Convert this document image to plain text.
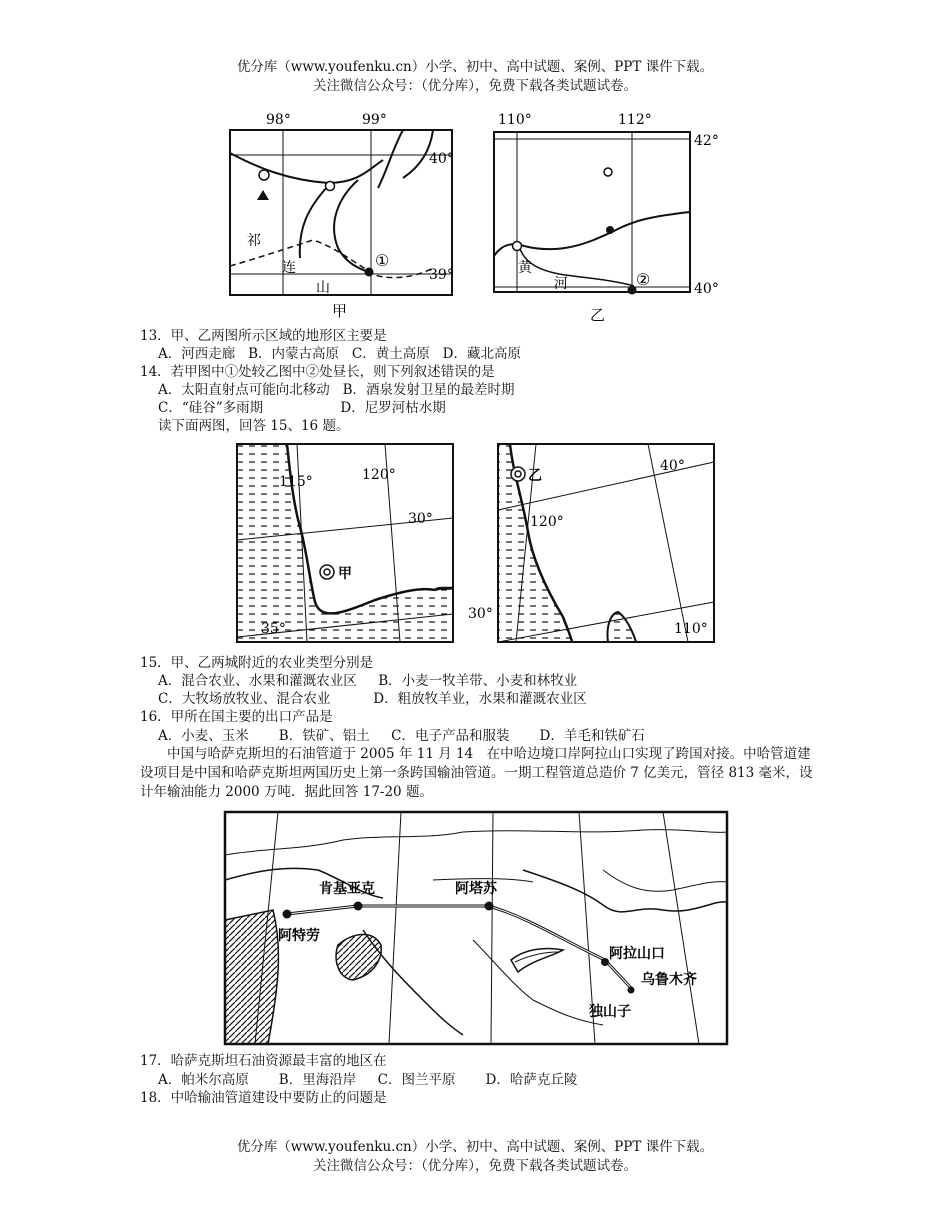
优分库（www.youfenku.cn）小学、初中、高中试题、案例、PPT 课件下载。
关注微信公众号：（优分库），免费下载各类试题试卷。
98°	99°
40°
39°
①
祁
连
山
甲
110°	112°
42°
40°
②
黄
河
乙
13．甲、乙两图所示区域的地形区主要是
A．河西走廊   B．内蒙古高原   C．黄土高原   D．藏北高原
14．若甲图中①处较乙图中②处昼长，则下列叙述错误的是
A．太阳直射点可能向北移动   B．酒泉发射卫星的最差时期
C．“硅谷”多雨期                  D．尼罗河枯水期
读下面两图，回答 15、16 题。
115°	120°
30°
35°
甲
乙
40°
120°
30°
110°
15．甲、乙两城附近的农业类型分别是
A．混合农业、水果和灌溉农业区     B．小麦一牧羊带、小麦和林牧业
C．大牧场放牧业、混合农业          D．粗放牧羊业，水果和灌溉农业区
16．甲所在国主要的出口产品是
A．小麦、玉米       B．铁矿、铝土     C．电子产品和服装       D．羊毛和铁矿石
　　中国与哈萨克斯坦的石油管道于 2005 年 11 月 14　在中哈边境口岸阿拉山口实现了跨国对接。中哈管道建设项目是中国和哈萨克斯坦两国历史上第一条跨国输油管道。一期工程管道总造价 7 亿美元，管径 813 毫米，设计年输油能力 2000 万吨．据此回答 17-20 题。
肯基亚克	阿塔苏
阿特劳
阿拉山口
乌鲁木齐
独山子
17．哈萨克斯坦石油资源最丰富的地区在
A．帕米尔高原       B．里海沿岸     C．图兰平原       D．哈萨克丘陵
18．中哈输油管道建设中要防止的问题是
优分库（www.youfenku.cn）小学、初中、高中试题、案例、PPT 课件下载。
关注微信公众号：（优分库），免费下载各类试题试卷。
